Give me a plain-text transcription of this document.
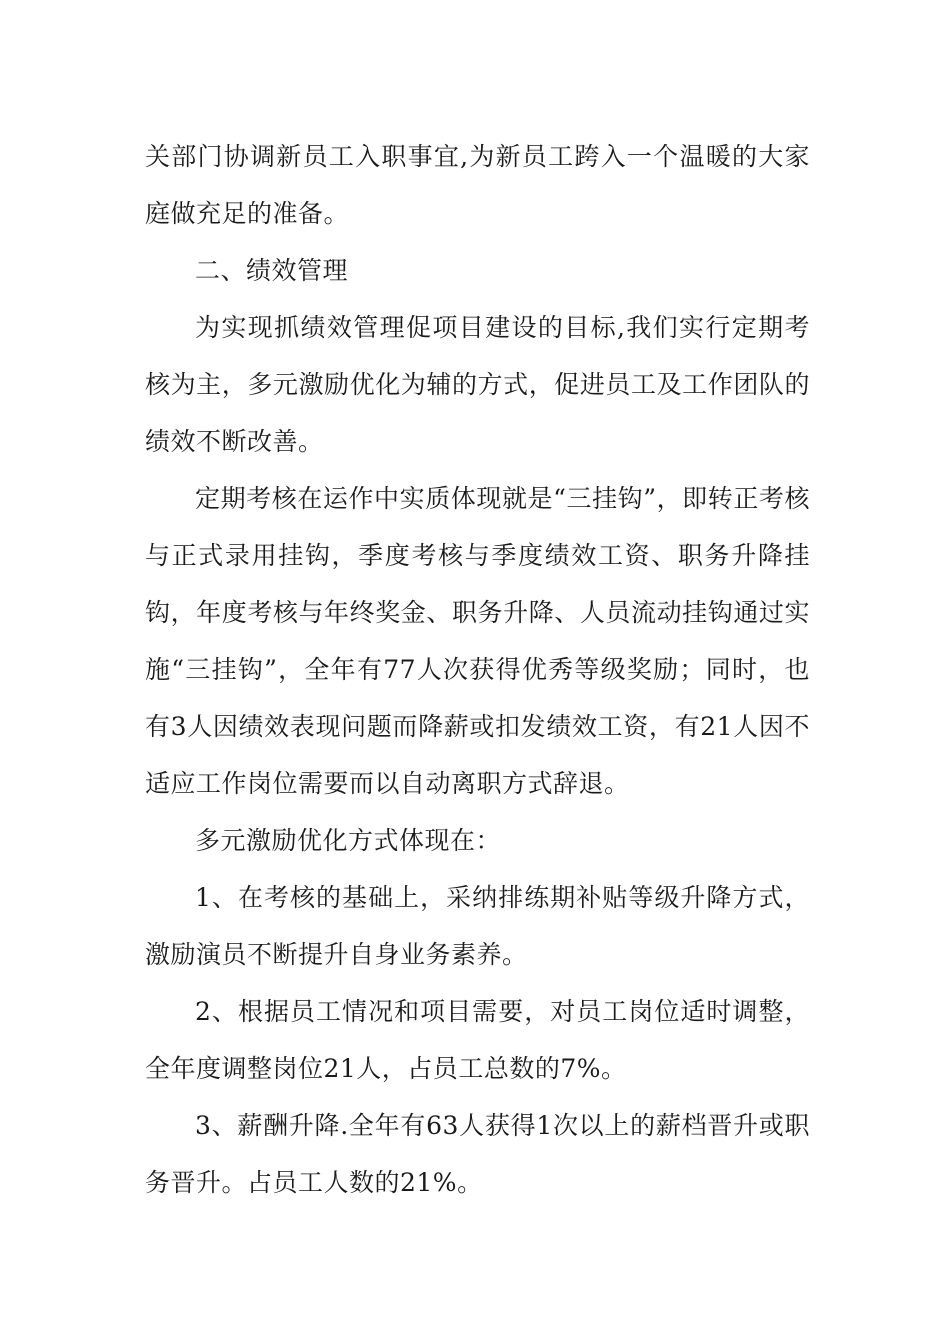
关部门协调新员工入职事宜,为新员工跨入一个温暖的大家庭做充足的准备。

二、绩效管理

为实现抓绩效管理促项目建设的目标,我们实行定期考核为主，多元激励优化为辅的方式，促进员工及工作团队的绩效不断改善。

定期考核在运作中实质体现就是“三挂钩”，即转正考核与正式录用挂钩，季度考核与季度绩效工资、职务升降挂钩，年度考核与年终奖金、职务升降、人员流动挂钩通过实施“三挂钩”，全年有77人次获得优秀等级奖励；同时，也有3人因绩效表现问题而降薪或扣发绩效工资，有21人因不适应工作岗位需要而以自动离职方式辞退。

多元激励优化方式体现在：

1、在考核的基础上，采纳排练期补贴等级升降方式，激励演员不断提升自身业务素养。

2、根据员工情况和项目需要，对员工岗位适时调整，全年度调整岗位21人，占员工总数的7%。

3、薪酬升降.全年有63人获得1次以上的薪档晋升或职务晋升。占员工人数的21%。
